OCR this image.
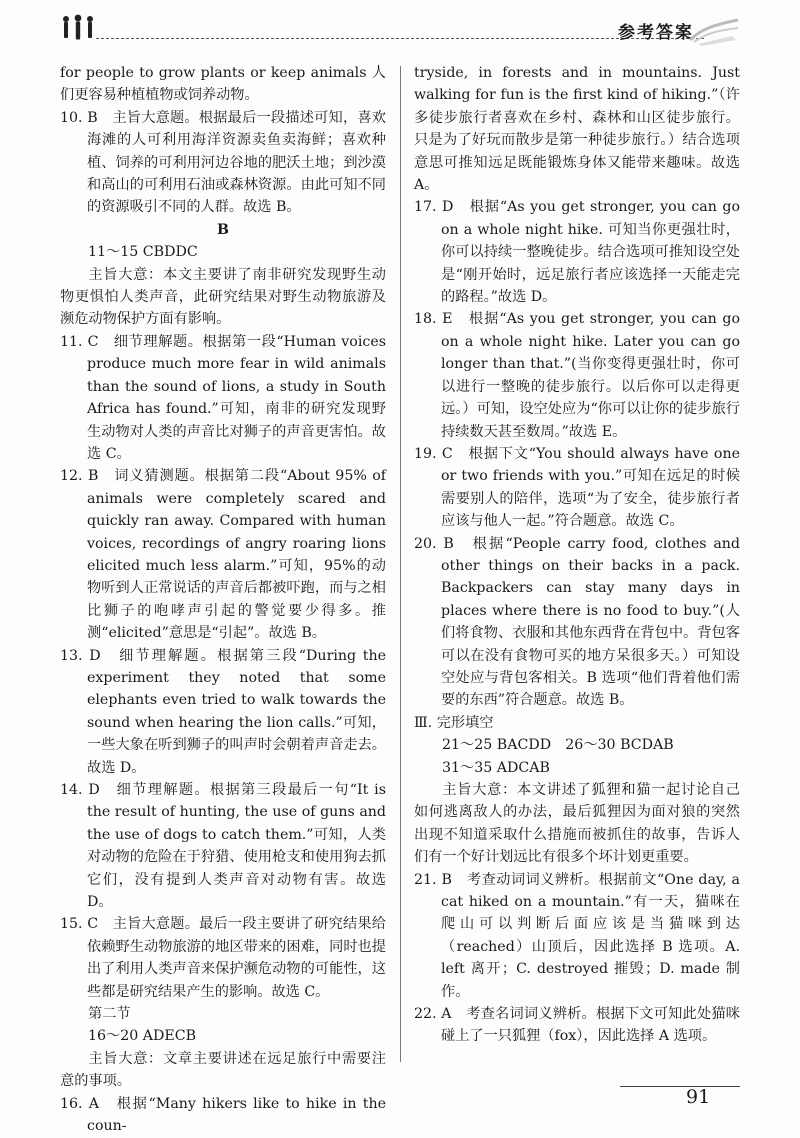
参考答案

for people to grow plants or keep animals 人们更容易种植植物或饲养动物。

10. B　主旨大意题。根据最后一段描述可知，喜欢海滩的人可利用海洋资源卖鱼卖海鲜；喜欢种植、饲养的可利用河边谷地的肥沃土地；到沙漠和高山的可利用石油或森林资源。由此可知不同的资源吸引不同的人群。故选 B。

B

11～15 CBDDC

主旨大意：本文主要讲了南非研究发现野生动物更惧怕人类声音，此研究结果对野生动物旅游及濒危动物保护方面有影响。

11. C　细节理解题。根据第一段“Human voices produce much more fear in wild animals than the sound of lions, a study in South Africa has found.”可知，南非的研究发现野生动物对人类的声音比对狮子的声音更害怕。故选 C。

12. B　词义猜测题。根据第二段“About 95% of animals were completely scared and quickly ran away. Compared with human voices, recordings of angry roaring lions elicited much less alarm.”可知，95%的动物听到人正常说话的声音后都被吓跑，而与之相比狮子的咆哮声引起的警觉要少得多。推测“elicited”意思是“引起”。故选 B。

13. D　细节理解题。根据第三段“During the experiment they noted that some elephants even tried to walk towards the sound when hearing the lion calls.”可知，一些大象在听到狮子的叫声时会朝着声音走去。故选 D。

14. D　细节理解题。根据第三段最后一句“It is the result of hunting, the use of guns and the use of dogs to catch them.”可知，人类对动物的危险在于狩猎、使用枪支和使用狗去抓它们，没有提到人类声音对动物有害。故选 D。

15. C　主旨大意题。最后一段主要讲了研究结果给依赖野生动物旅游的地区带来的困难，同时也提出了利用人类声音来保护濒危动物的可能性，这些都是研究结果产生的影响。故选 C。

第二节

16～20 ADECB

主旨大意：文章主要讲述在远足旅行中需要注意的事项。

16. A　根据“Many hikers like to hike in the coun-

tryside, in forests and in mountains. Just walking for fun is the first kind of hiking.”（许多徒步旅行者喜欢在乡村、森林和山区徒步旅行。只是为了好玩而散步是第一种徒步旅行。）结合选项意思可推知远足既能锻炼身体又能带来趣味。故选 A。

17. D　根据“As you get stronger, you can go on a whole night hike. 可知当你更强壮时，你可以持续一整晚徒步。结合选项可推知设空处是“刚开始时，远足旅行者应该选择一天能走完的路程。”故选 D。

18. E　根据“As you get stronger, you can go on a whole night hike. Later you can go longer than that.”(当你变得更强壮时，你可以进行一整晚的徒步旅行。以后你可以走得更远。）可知，设空处应为“你可以让你的徒步旅行持续数天甚至数周。”故选 E。

19. C　根据下文“You should always have one or two friends with you.”可知在远足的时候需要别人的陪伴，选项“为了安全，徒步旅行者应该与他人一起。”符合题意。故选 C。

20. B　根据“People carry food, clothes and other things on their backs in a pack. Backpackers can stay many days in places where there is no food to buy.”(人们将食物、衣服和其他东西背在背包中。背包客可以在没有食物可买的地方呆很多天。）可知设空处应与背包客相关。B 选项“他们背着他们需要的东西”符合题意。故选 B。

Ⅲ. 完形填空

21～25 BACDD　26～30 BCDAB

31～35 ADCAB

主旨大意：本文讲述了狐狸和猫一起讨论自己如何逃离敌人的办法，最后狐狸因为面对狼的突然出现不知道采取什么措施而被抓住的故事，告诉人们有一个好计划远比有很多个坏计划更重要。

21. B　考查动词词义辨析。根据前文“One day, a cat hiked on a mountain.”有一天，猫咪在爬山可以判断后面应该是当猫咪到达（reached）山顶后，因此选择 B 选项。A. left 离开；C. destroyed 摧毁；D. made 制作。

22. A　考查名词词义辨析。根据下文可知此处猫咪碰上了一只狐狸（fox），因此选择 A 选项。

91
